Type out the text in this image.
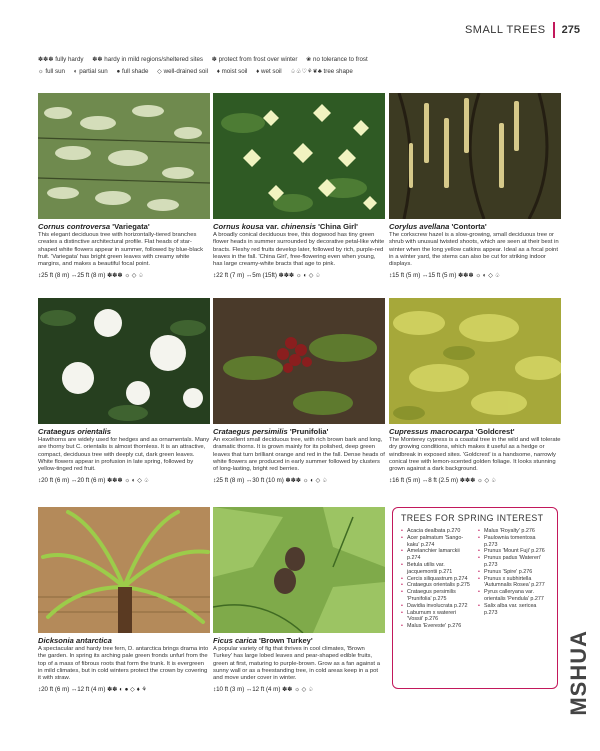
SMALL TREES 275
✽✽✽ fully hardy ✽✽ hardy in mild regions/sheltered sites ✽ protect from frost over winter ❀ no tolerance to frost
☼ full sun ◐ partial sun ● full shade ◇ well-drained soil ♦ moist soil ♦ wet soil ♤♧♡⚘❦♣ tree shape
Cornus controversa 'Variegata'
This elegant deciduous tree with horizontally-tiered branches creates a distinctive architectural profile. Flat heads of star-shaped white flowers appear in summer, followed by blue-black fruit. 'Variegata' has bright green leaves with creamy white margins, and makes a beautiful focal point.
↕25 ft (8 m) ↔25 ft (8 m) ✽✽✽ ☼ ◇ ♤
Cornus kousa var. chinensis 'China Girl'
A broadly conical deciduous tree, this dogwood has tiny green flower heads in summer surrounded by decorative petal-like white bracts. Fleshy red fruits develop later, followed by rich, purple-red leaves in the fall. 'China Girl', free-flowering even when young, has large creamy-white bracts that age to pink.
↕22 ft (7 m) ↔5m (15ft) ✽✽✽ ☼ ◐ ◇ ♤
Corylus avellana 'Contorta'
The corkscrew hazel is a slow-growing, small deciduous tree or shrub with unusual twisted shoots, which are seen at their best in winter when the long yellow catkins appear. Ideal as a focal point in a winter yard, the stems can also be cut for striking indoor displays.
↕15 ft (5 m) ↔15 ft (5 m) ✽✽✽ ☼ ◐ ◇ ♤
Crataegus orientalis
Hawthorns are widely used for hedges and as ornamentals. Many are thorny but C. orientalis is almost thornless. It is an attractive, compact, deciduous tree with deeply cut, dark green leaves. White flowers appear in profusion in late spring, followed by yellow-tinged red fruit.
↕20 ft (6 m) ↔20 ft (6 m) ✽✽✽ ☼ ◐ ◇ ♤
Crataegus persimilis 'Prunifolia'
An excellent small deciduous tree, with rich brown bark and long, dramatic thorns. It is grown mainly for its polished, deep green leaves that turn brilliant orange and red in the fall. Dense heads of white flowers are produced in early summer followed by clusters of long-lasting, bright red berries.
↕25 ft (8 m) ↔30 ft (10 m) ✽✽✽ ☼ ◐ ◇ ♤
Cupressus macrocarpa 'Goldcrest'
The Monterey cypress is a coastal tree in the wild and will tolerate dry growing conditions, which makes it useful as a hedge or windbreak in exposed sites. 'Goldcrest' is a handsome, narrowly conical tree with lemon-scented golden foliage. It looks stunning grown against a dark background.
↕16 ft (5 m) ↔8 ft (2.5 m) ✽✽✽ ☼ ◇ ♤
Dicksonia antarctica
A spectacular and hardy tree fern, D. antarctica brings drama into the garden. In spring its arching pale green fronds unfurl from the top of a mass of fibrous roots that form the trunk. It is evergreen in mild climates, but in cold winters protect the crown by covering it with straw.
↕20 ft (6 m) ↔12 ft (4 m) ✽✽ ◐ ● ◇ ♦ ⚘
Ficus carica 'Brown Turkey'
A popular variety of fig that thrives in cool climates, 'Brown Turkey' has large lobed leaves and pear-shaped edible fruits, green at first, maturing to purple-brown. Grow as a fan against a sunny wall or as a freestanding tree, in cold areas keep in a pot and move under cover in winter.
↕10 ft (3 m) ↔12 ft (4 m) ✽✽ ☼ ◇ ♤
TREES FOR SPRING INTEREST
• Acacia dealbata p.270
• Acer palmatum 'Sango-kaku' p.274
• Amelanchier lamarckii p.274
• Betula utilis var. jacquemontii p.271
• Cercis siliquastrum p.274
• Crataegus orientalis p.275
• Crataegus persimilis 'Prunifolia' p.275
• Davidia involucrata p.272
• Laburnum x watereri 'Vossii' p.276
• Malus 'Evereste' p.276
• Malus 'Royalty' p.276
• Paulownia tomentosa p.273
• Prunus 'Mount Fuji' p.276
• Prunus padus 'Watereri' p.273
• Prunus 'Spire' p.276
• Prunus x subhirtella 'Autumnalis Rosea' p.277
• Pyrus calleryana var. orientalis 'Pendula' p.277
• Salix alba var. sericea p.273
MSHUA
